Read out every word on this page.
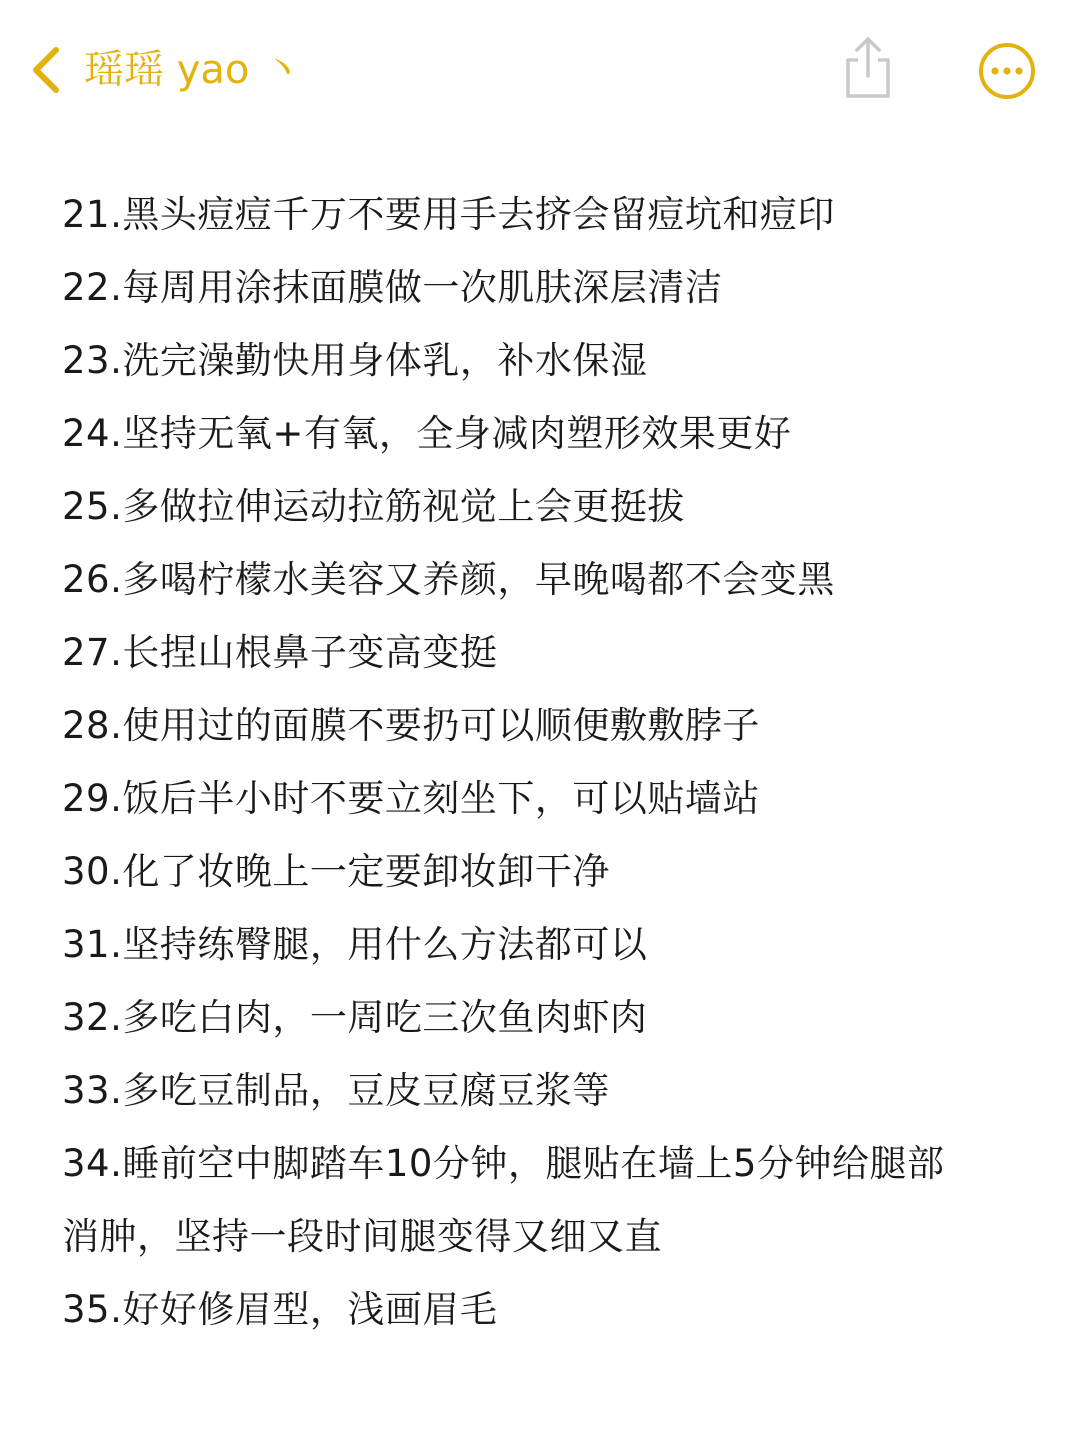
瑶瑶 yao 丶
21.黑头痘痘千万不要用手去挤会留痘坑和痘印
22.每周用涂抹面膜做一次肌肤深层清洁
23.洗完澡勤快用身体乳，补水保湿
24.坚持无氧+有氧，全身减肉塑形效果更好
25.多做拉伸运动拉筋视觉上会更挺拔
26.多喝柠檬水美容又养颜，早晚喝都不会变黑
27.长捏山根鼻子变高变挺
28.使用过的面膜不要扔可以顺便敷敷脖子
29.饭后半小时不要立刻坐下，可以贴墙站
30.化了妆晚上一定要卸妆卸干净
31.坚持练臀腿，用什么方法都可以
32.多吃白肉，一周吃三次鱼肉虾肉
33.多吃豆制品，豆皮豆腐豆浆等
34.睡前空中脚踏车10分钟，腿贴在墙上5分钟给腿部
消肿，坚持一段时间腿变得又细又直
35.好好修眉型，浅画眉毛
